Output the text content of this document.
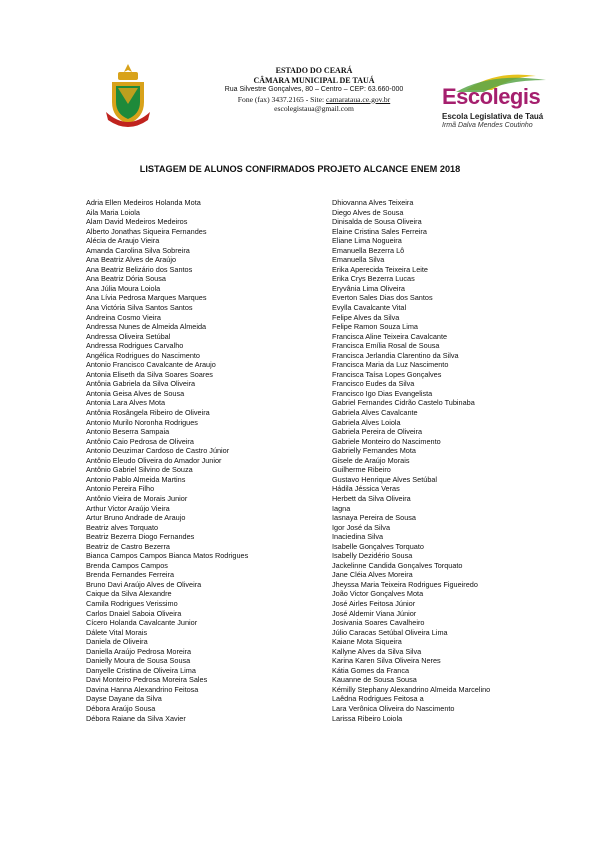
ESTADO DO CEARÁ
CÂMARA MUNICIPAL DE TAUÁ
Rua Silvestre Gonçalves, 80 – Centro – CEP: 63.660-000
Fone (fax) 3437.2165 - Site: camarataua.ce.gov.br
escolegistaua@gmail.com	Escolegis
Escola Legislativa de Tauá
Irmã Dalva Mendes Coutinho
LISTAGEM DE ALUNOS CONFIRMADOS PROJETO ALCANCE ENEM 2018
Adria Ellen Medeiros Holanda Mota
Aila Maria Loiola
Alam David Medeiros Medeiros
Alberto Jonathas Siqueira Fernandes
Alécia de Araujo Vieira
Amanda Carolina Silva Sobreira
Ana Beatriz Alves de Araújo
Ana Beatriz Belizário dos Santos
Ana Beatriz Dória Sousa
Ana Júlia Moura Loiola
Ana Lívia Pedrosa Marques Marques
Ana Victória Silva Santos Santos
Andreina Cosmo Vieira
Andressa Nunes de Almeida Almeida
Andressa Oliveira Setúbal
Andressa Rodrigues Carvalho
Angélica Rodrigues do Nascimento
Antonio Francisco Cavalcante de Araujo
Antonia Eliseth da Silva Soares Soares
Antônia Gabriela da Silva Oliveira
Antonia Geisa Alves de Sousa
Antonia Lara Alves Mota
Antônia Rosângela Ribeiro de Oliveira
Antonio Murilo Noronha Rodrigues
Antonio Beserra Sampaia
Antônio Caio Pedrosa de Oliveira
Antonio Deuzimar Cardoso de Castro Júnior
Antônio Eleudo Oliveira do Amador Junior
Antônio Gabriel Silvino de Souza
Antonio Pablo Almeida Martins
Antonio Pereira Filho
Antônio Vieira de Morais Junior
Arthur Victor Araújo Vieira
Artur Bruno Andrade de Araujo
Beatriz alves Torquato
Beatriz Bezerra Diogo Fernandes
Beatriz de Castro Bezerra
Bianca Campos Campos Bianca Matos Rodrigues
Brenda Campos Campos
Brenda Fernandes Ferreira
Bruno Davi Araújo Alves de Oliveira
Caique da Silva Alexandre
Camila Rodrigues Verissimo
Carlos Dnaiel Saboia Oliveira
Cícero Holanda Cavalcante Junior
Dálete Vital Morais
Daniela de Oliveira
Daniella Araújo Pedrosa Moreira
Danielly Moura de Sousa Sousa
Danyelle Cristina de Oliveira Lima
Davi Monteiro Pedrosa Moreira Sales
Davina Hanna Alexandrino Feitosa
Dayse Dayane da Silva
Débora Araújo Sousa
Débora Raiane da Silva Xavier
Dhiovanna Alves Teixeira
Diego Alves de Sousa
Dinisalda de Sousa Oliveira
Elaine Cristina Sales Ferreira
Eliane Lima Nogueira
Emanuella Bezerra Lô
Emanuella Silva
Erika Aperecida Teixeira Leite
Erika Crys Bezerra Lucas
Eryvânia Lima Oliveira
Everton Sales Dias dos Santos
Evylla Cavalcante Vital
Felipe Alves da Silva
Felipe Ramon Souza Lima
Francisca Aline Teixeira Cavalcante
Francisca Emília Rosal de Sousa
Francisca Jerlandia Clarentino da Silva
Francisca Maria da Luz Nascimento
Francisca Taísa Lopes Gonçalves
Francisco Eudes da Silva
Francisco Igo Dias Evangelista
Gabriel Fernandes Cidrão Castelo Tubinaba
Gabriela Alves Cavalcante
Gabriela Alves Loiola
Gabriela Pereira de Oliveira
Gabriele Monteiro do Nascimento
Gabrielly Fernandes Mota
Gisele de Araújo Morais
Guilherme Ribeiro
Gustavo Henrique Alves Setúbal
Hádila Jéssica Veras
Herbett da Silva Oliveira
Iagna
Iasnaya Pereira de Sousa
Igor José da Silva
Inaciedina Silva
Isabelle Gonçalves Torquato
Isabelly Dezidério Sousa
Jackelinne Candida Gonçalves Torquato
Jane Cléia Alves Moreira
Jheyssa Maria Teixeira Rodrigues Figueiredo
João Victor Gonçalves Mota
José Airles Feitosa Júnior
José Aldemir Viana Júnior
Josivania Soares Cavalheiro
Júlio Caracas Setúbal Oliveira Lima
Kaiane Mota Siqueira
Kallyne Alves da Silva Silva
Karina Karen Silva Oliveira Neres
Kátia Gomes da Franca
Kauanne de Sousa Sousa
Kémilly Stephany Alexandrino Almeida Marcelino
Laêdna Rodrigues Feitosa a
Lara Verônica Oliveira do Nascimento
Larissa Ribeiro Loiola
